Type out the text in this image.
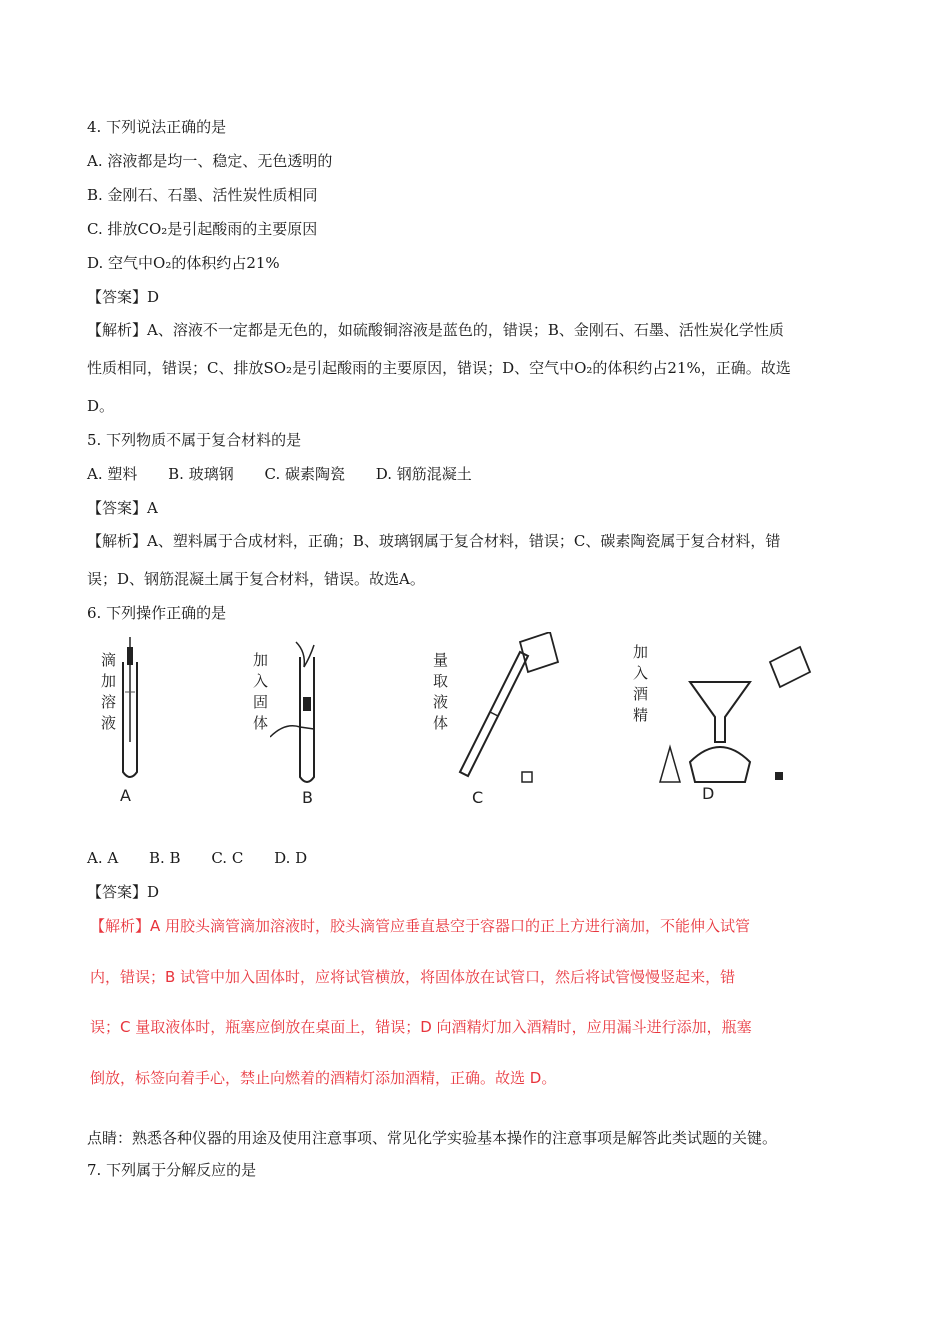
4. 下列说法正确的是
A. 溶液都是均一、稳定、无色透明的
B. 金刚石、石墨、活性炭性质相同
C. 排放CO₂是引起酸雨的主要原因
D. 空气中O₂的体积约占21%
【答案】D
【解析】A、溶液不一定都是无色的，如硫酸铜溶液是蓝色的，错误；B、金刚石、石墨、活性炭化学性质
性质相同，错误；C、排放SO₂是引起酸雨的主要原因，错误；D、空气中O₂的体积约占21%，正确。故选
D。
5. 下列物质不属于复合材料的是
A. 塑料 B. 玻璃钢 C. 碳素陶瓷 D. 钢筋混凝土
【答案】A
【解析】A、塑料属于合成材料，正确；B、玻璃钢属于复合材料，错误；C、碳素陶瓷属于复合材料，错
误；D、钢筋混凝土属于复合材料，错误。故选A。
6. 下列操作正确的是
滴加溶液
A
加入固体
B
量取液体
C
加入酒精
D
A. A B. B C. C D. D
【答案】D
【解析】A 用胶头滴管滴加溶液时，胶头滴管应垂直悬空于容器口的正上方进行滴加，不能伸入试管
内，错误；B 试管中加入固体时，应将试管横放，将固体放在试管口，然后将试管慢慢竖起来，错
误；C 量取液体时，瓶塞应倒放在桌面上，错误；D 向酒精灯加入酒精时，应用漏斗进行添加，瓶塞
倒放，标签向着手心，禁止向燃着的酒精灯添加酒精，正确。故选 D。
点睛：熟悉各种仪器的用途及使用注意事项、常见化学实验基本操作的注意事项是解答此类试题的关键。
7. 下列属于分解反应的是
